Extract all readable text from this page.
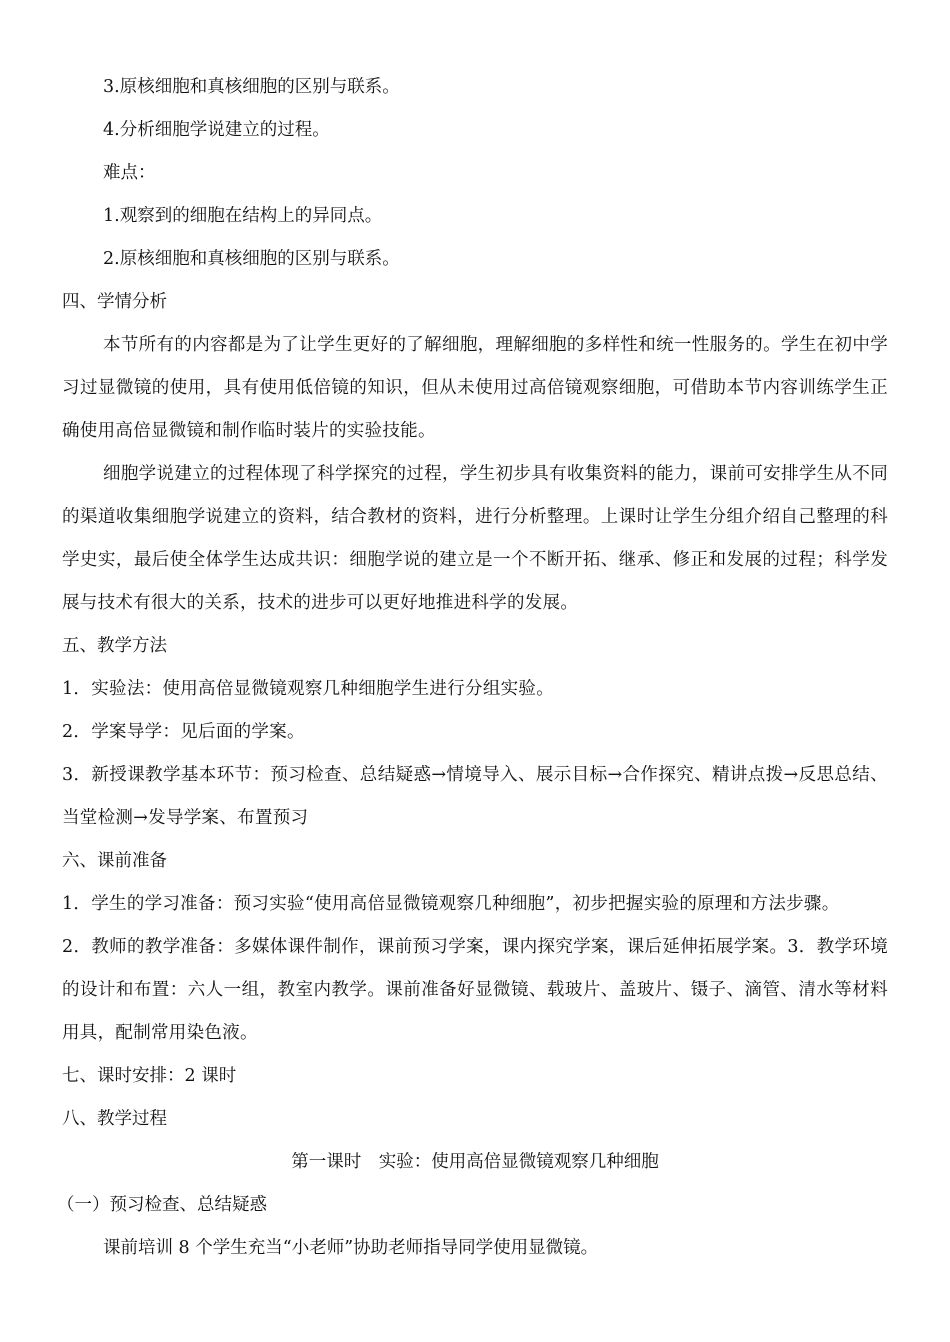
3.原核细胞和真核细胞的区别与联系。

4.分析细胞学说建立的过程。

难点：

1.观察到的细胞在结构上的异同点。

2.原核细胞和真核细胞的区别与联系。

四、学情分析

本节所有的内容都是为了让学生更好的了解细胞，理解细胞的多样性和统一性服务的。学生在初中学习过显微镜的使用，具有使用低倍镜的知识，但从未使用过高倍镜观察细胞，可借助本节内容训练学生正确使用高倍显微镜和制作临时装片的实验技能。

细胞学说建立的过程体现了科学探究的过程，学生初步具有收集资料的能力，课前可安排学生从不同的渠道收集细胞学说建立的资料，结合教材的资料，进行分析整理。上课时让学生分组介绍自己整理的科学史实，最后使全体学生达成共识：细胞学说的建立是一个不断开拓、继承、修正和发展的过程；科学发展与技术有很大的关系，技术的进步可以更好地推进科学的发展。

五、教学方法

1．实验法：使用高倍显微镜观察几种细胞学生进行分组实验。

2．学案导学：见后面的学案。

3．新授课教学基本环节：预习检查、总结疑惑→情境导入、展示目标→合作探究、精讲点拨→反思总结、当堂检测→发导学案、布置预习

六、课前准备

1．学生的学习准备：预习实验“使用高倍显微镜观察几种细胞”，初步把握实验的原理和方法步骤。

2．教师的教学准备：多媒体课件制作，课前预习学案，课内探究学案，课后延伸拓展学案。3．教学环境的设计和布置：六人一组，教室内教学。课前准备好显微镜、载玻片、盖玻片、镊子、滴管、清水等材料用具，配制常用染色液。

七、课时安排：2 课时

八、教学过程

第一课时　实验：使用高倍显微镜观察几种细胞

（一）预习检查、总结疑惑

课前培训 8 个学生充当“小老师”协助老师指导同学使用显微镜。
